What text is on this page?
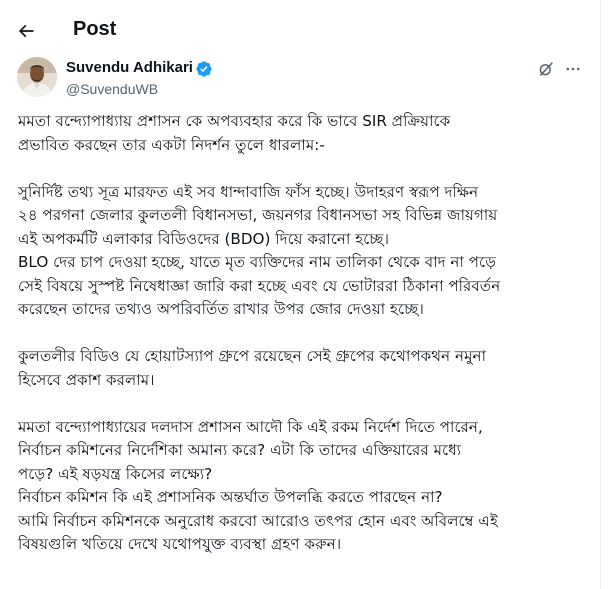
Post
Suvendu Adhikari
@SuvenduWB

মমতা বন্দ্যোপাধ্যায় প্রশাসন কে অপব্যবহার করে কি ভাবে SIR প্রক্রিয়াকে
প্রভাবিত করছেন তার একটা নিদর্শন তুলে ধারলাম:-

সুনির্দিষ্ট তথ্য সূত্র মারফত এই সব ধান্দাবাজি ফাঁস হচ্ছে। উদাহরণ স্বরূপ দক্ষিন
২৪ পরগনা জেলার কুলতলী বিধানসভা, জয়নগর বিধানসভা সহ বিভিন্ন জায়গায়
এই অপকর্মটি এলাকার বিডিওদের (BDO) দিয়ে করানো হচ্ছে।
BLO দের চাপ দেওয়া হচ্ছে, যাতে মৃত ব্যক্তিদের নাম তালিকা থেকে বাদ না পড়ে
সেই বিষয়ে সুস্পষ্ট নিষেধাজ্ঞা জারি করা হচ্ছে এবং যে ভোটাররা ঠিকানা পরিবর্তন
করেছেন তাদের তথ্যও অপরিবর্তিত রাখার উপর জোর দেওয়া হচ্ছে।

কুলতলীর বিডিও যে হোয়াটস্যাপ গ্রুপে রয়েছেন সেই গ্রুপের কথোপকথন নমুনা
হিসেবে প্রকাশ করলাম।

মমতা বন্দ্যোপাধ্যায়ের দলদাস প্রশাসন আদৌ কি এই রকম নির্দেশ দিতে পারেন,
নির্বাচন কমিশনের নির্দেশিকা অমান্য করে? এটা কি তাদের এক্তিয়ারের মধ্যে
পড়ে? এই ষড়যন্ত্র কিসের লক্ষ্যে?
নির্বাচন কমিশন কি এই প্রশাসনিক অন্তর্ঘাত উপলব্ধি করতে পারছেন না?
আমি নির্বাচন কমিশনকে অনুরোধ করবো আরোও তৎপর হোন এবং অবিলম্বে এই
বিষয়গুলি খতিয়ে দেখে যথোপযুক্ত ব্যবস্থা গ্রহণ করুন।
